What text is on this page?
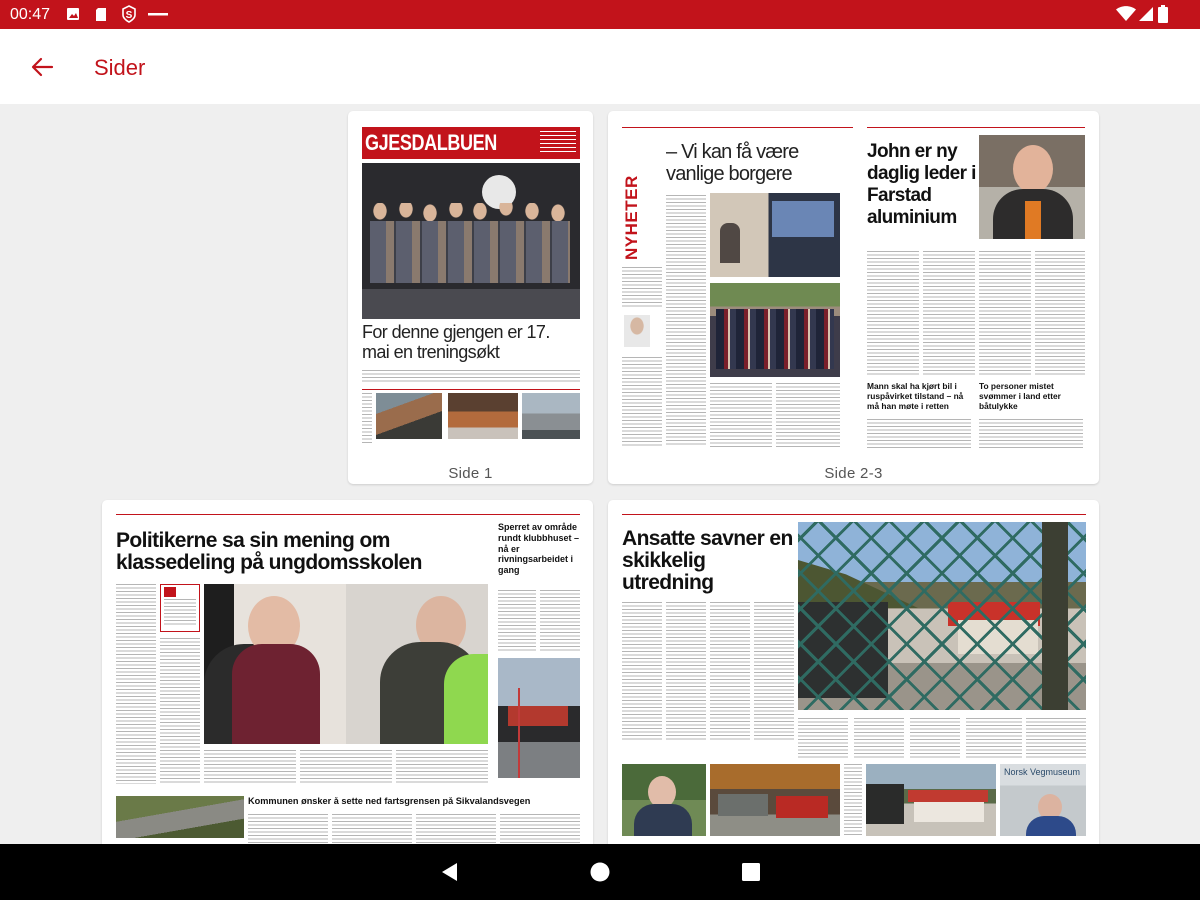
00:47	S
Sider
GJESDALBUEN
For denne gjengen er 17. mai en treningsøkt
Side 1
NYHETER
– Vi kan få være vanlige borgere
John er ny daglig leder i Farstad aluminium
Mann skal ha kjørt bil i ruspåvirket tilstand – nå må han møte i retten
To personer mistet svømmer i land etter båtulykke
Side 2-3
Politikerne sa sin mening om klassedeling på ungdomsskolen
Sperret av område rundt klubbhuset – nå er rivningsarbeidet i gang
Kommunen ønsker å sette ned fartsgrensen på Sikvalandsvegen
Ansatte savner en skikkelig utredning
Norsk Vegmuseum
